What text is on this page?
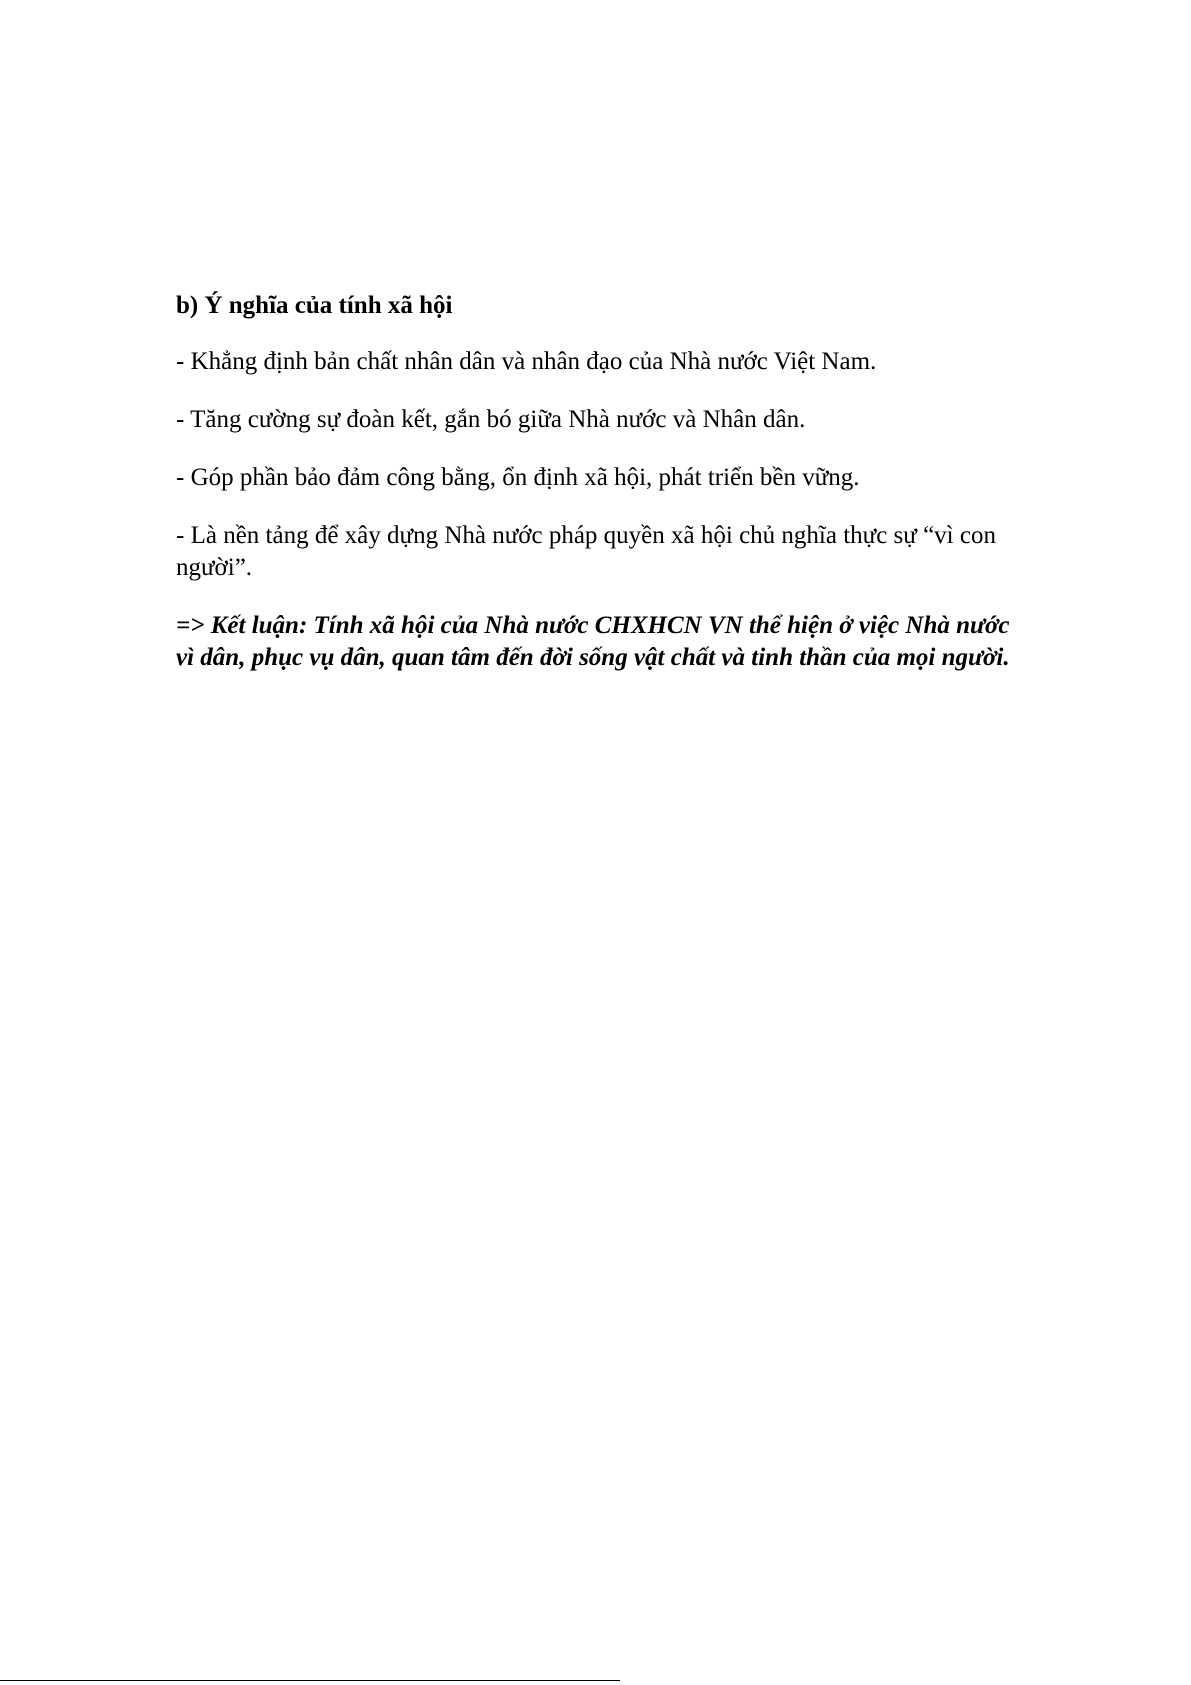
b) Ý nghĩa của tính xã hội

- Khẳng định bản chất nhân dân và nhân đạo của Nhà nước Việt Nam.

- Tăng cường sự đoàn kết, gắn bó giữa Nhà nước và Nhân dân.

- Góp phần bảo đảm công bằng, ổn định xã hội, phát triển bền vững.

- Là nền tảng để xây dựng Nhà nước pháp quyền xã hội chủ nghĩa thực sự “vì con người”.

=> Kết luận: Tính xã hội của Nhà nước CHXHCN VN thể hiện ở việc Nhà nước vì dân, phục vụ dân, quan tâm đến đời sống vật chất và tinh thần của mọi người.
